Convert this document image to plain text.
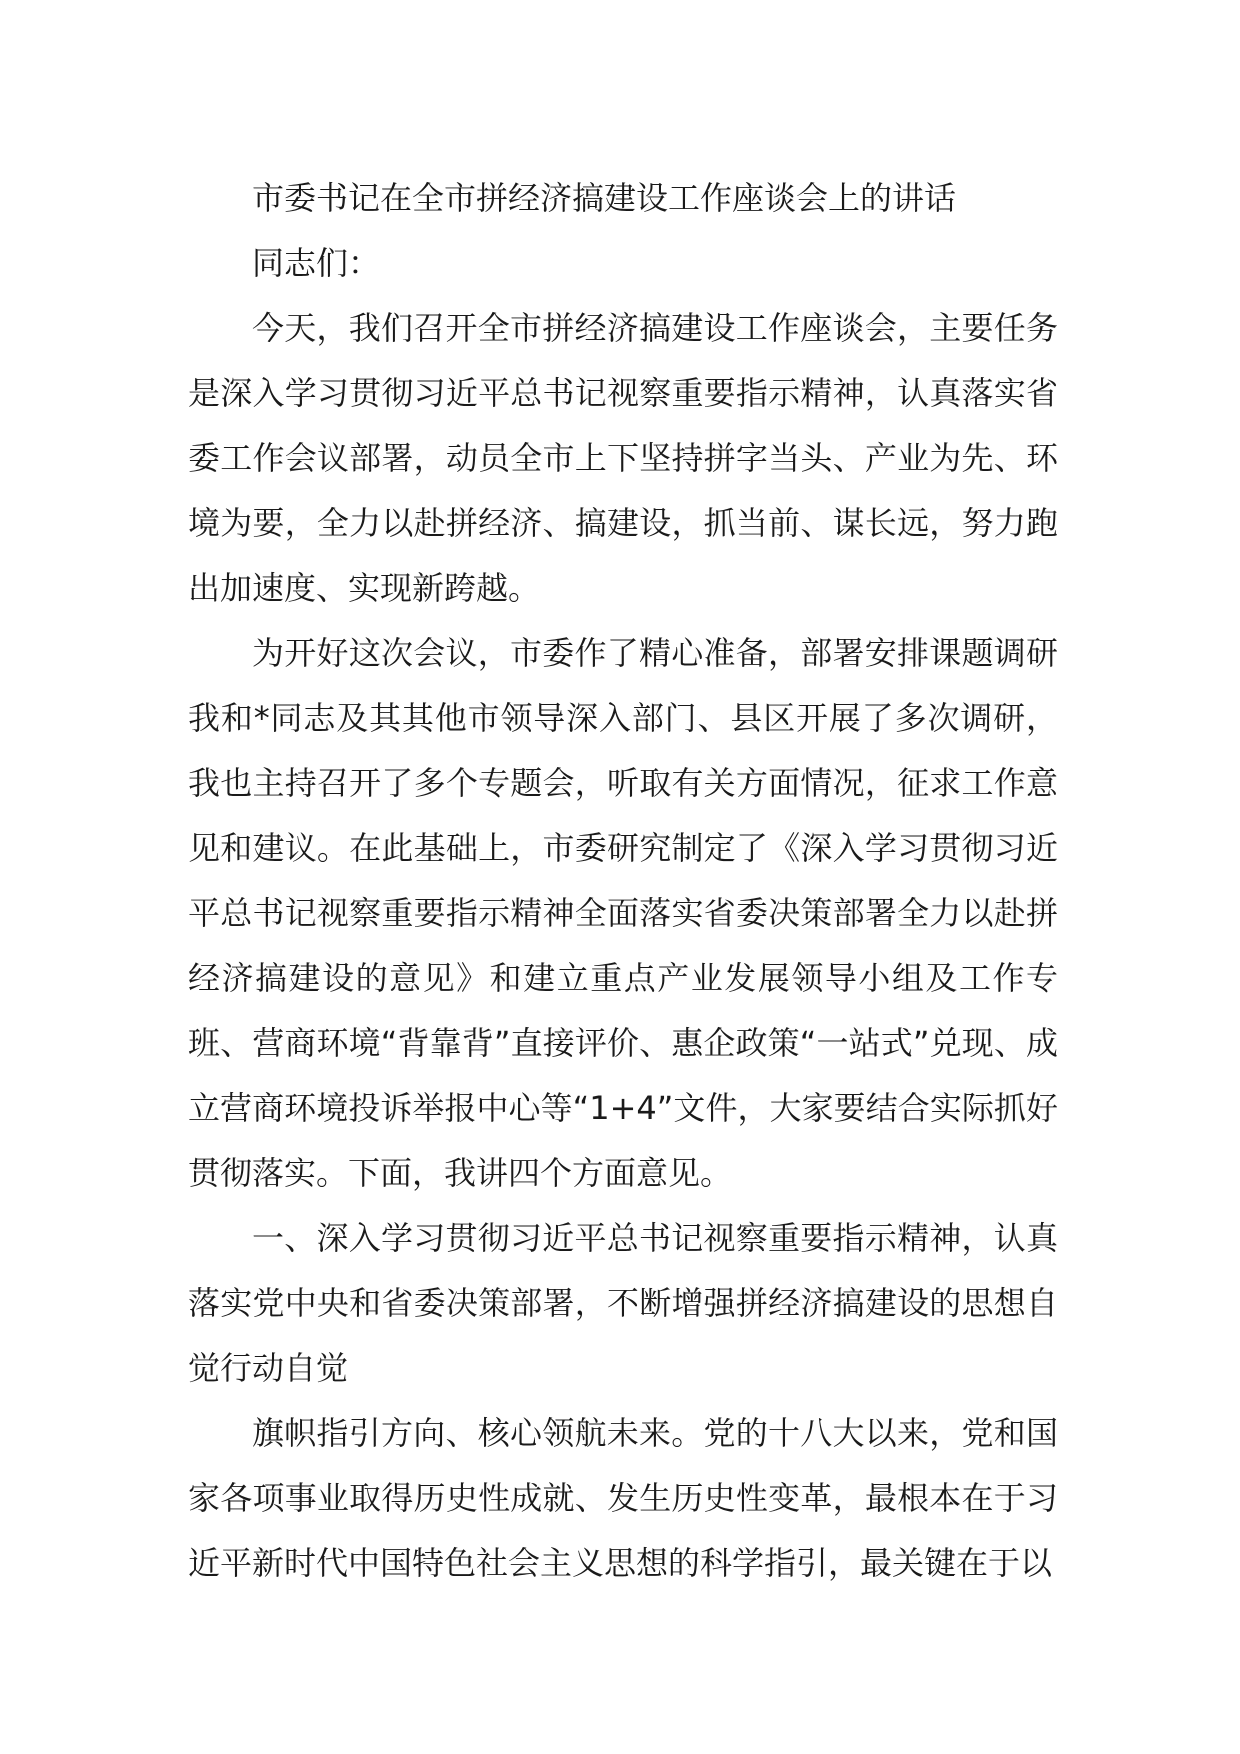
市委书记在全市拼经济搞建设工作座谈会上的讲话

同志们：

今天，我们召开全市拼经济搞建设工作座谈会，主要任务是深入学习贯彻习近平总书记视察重要指示精神，认真落实省委工作会议部署，动员全市上下坚持拼字当头、产业为先、环境为要，全力以赴拼经济、搞建设，抓当前、谋长远，努力跑出加速度、实现新跨越。

为开好这次会议，市委作了精心准备，部署安排课题调研我和*同志及其其他市领导深入部门、县区开展了多次调研，我也主持召开了多个专题会，听取有关方面情况，征求工作意见和建议。在此基础上，市委研究制定了《深入学习贯彻习近平总书记视察重要指示精神全面落实省委决策部署全力以赴拼经济搞建设的意见》和建立重点产业发展领导小组及工作专班、营商环境“背靠背”直接评价、惠企政策“一站式”兑现、成立营商环境投诉举报中心等“1+4”文件，大家要结合实际抓好贯彻落实。下面，我讲四个方面意见。

一、深入学习贯彻习近平总书记视察重要指示精神，认真落实党中央和省委决策部署，不断增强拼经济搞建设的思想自觉行动自觉

旗帜指引方向、核心领航未来。党的十八大以来，党和国家各项事业取得历史性成就、发生历史性变革，最根本在于习近平新时代中国特色社会主义思想的科学指引，最关键在于以
